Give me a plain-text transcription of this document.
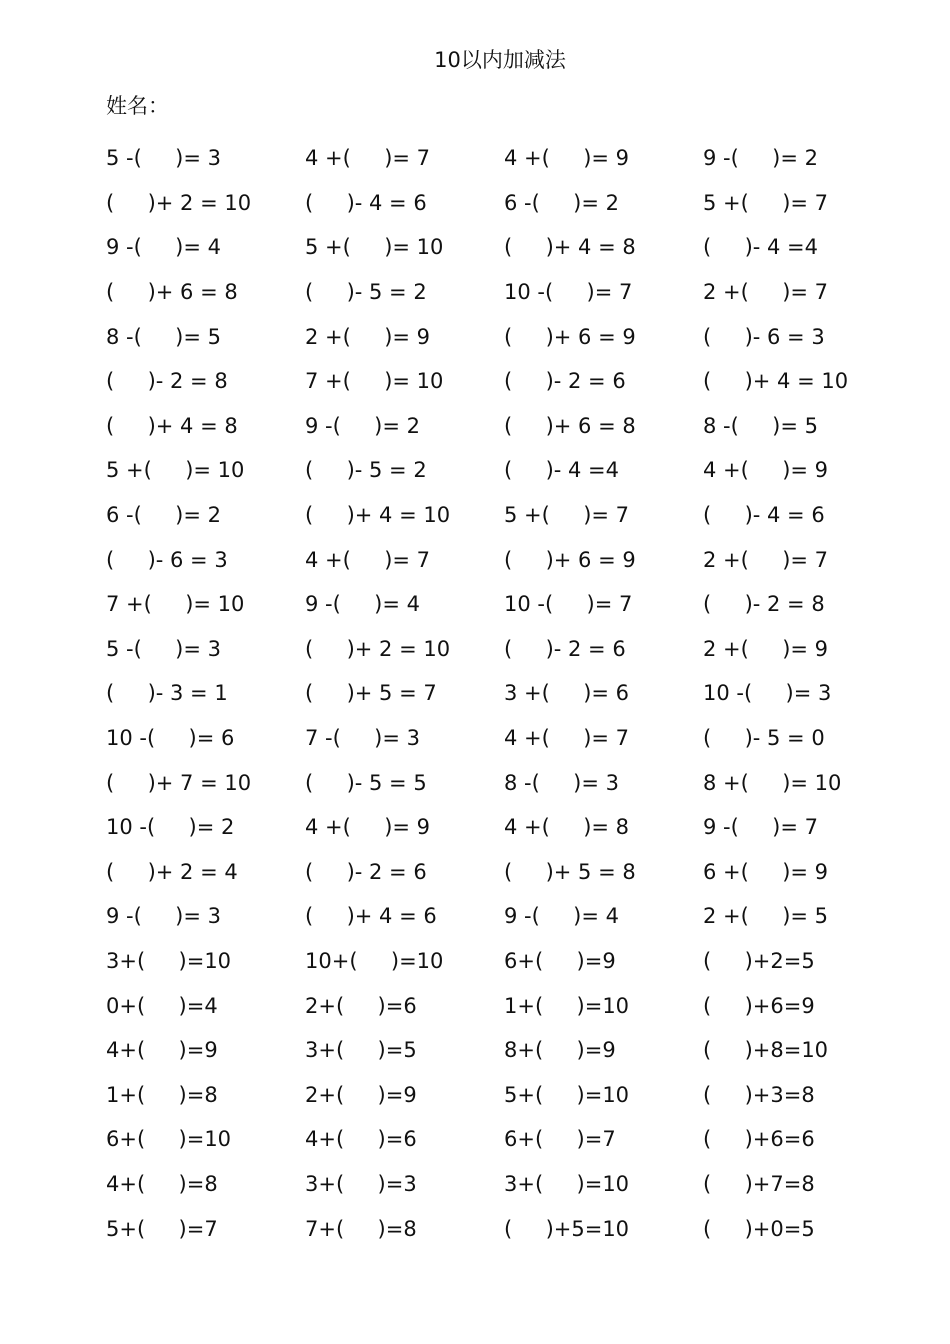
10以内加减法
姓名：
5 -(     )= 3	4 +(     )= 7	4 +(     )= 9	9 -(     )= 2
(     )+ 2 = 10	(     )- 4 = 6	6 -(     )= 2	5 +(     )= 7
9 -(     )= 4	5 +(     )= 10	(     )+ 4 = 8	(     )- 4 =4
(     )+ 6 = 8	(     )- 5 = 2	10 -(     )= 7	2 +(     )= 7
8 -(     )= 5	2 +(     )= 9	(     )+ 6 = 9	(     )- 6 = 3
(     )- 2 = 8	7 +(     )= 10	(     )- 2 = 6	(     )+ 4 = 10
(     )+ 4 = 8	9 -(     )= 2	(     )+ 6 = 8	8 -(     )= 5
5 +(     )= 10	(     )- 5 = 2	(     )- 4 =4	4 +(     )= 9
6 -(     )= 2	(     )+ 4 = 10	5 +(     )= 7	(     )- 4 = 6
(     )- 6 = 3	4 +(     )= 7	(     )+ 6 = 9	2 +(     )= 7
7 +(     )= 10	9 -(     )= 4	10 -(     )= 7	(     )- 2 = 8
5 -(     )= 3	(     )+ 2 = 10	(     )- 2 = 6	2 +(     )= 9
(     )- 3 = 1	(     )+ 5 = 7	3 +(     )= 6	10 -(     )= 3
10 -(     )= 6	7 -(     )= 3	4 +(     )= 7	(     )- 5 = 0
(     )+ 7 = 10	(     )- 5 = 5	8 -(     )= 3	8 +(     )= 10
10 -(     )= 2	4 +(     )= 9	4 +(     )= 8	9 -(     )= 7
(     )+ 2 = 4	(     )- 2 = 6	(     )+ 5 = 8	6 +(     )= 9
9 -(     )= 3	(     )+ 4 = 6	9 -(     )= 4	2 +(     )= 5
3+(     )=10	10+(     )=10	6+(     )=9	(     )+2=5
0+(     )=4	2+(     )=6	1+(     )=10	(     )+6=9
4+(     )=9	3+(     )=5	8+(     )=9	(     )+8=10
1+(     )=8	2+(     )=9	5+(     )=10	(     )+3=8
6+(     )=10	4+(     )=6	6+(     )=7	(     )+6=6
4+(     )=8	3+(     )=3	3+(     )=10	(     )+7=8
5+(     )=7	7+(     )=8	(     )+5=10	(     )+0=5
